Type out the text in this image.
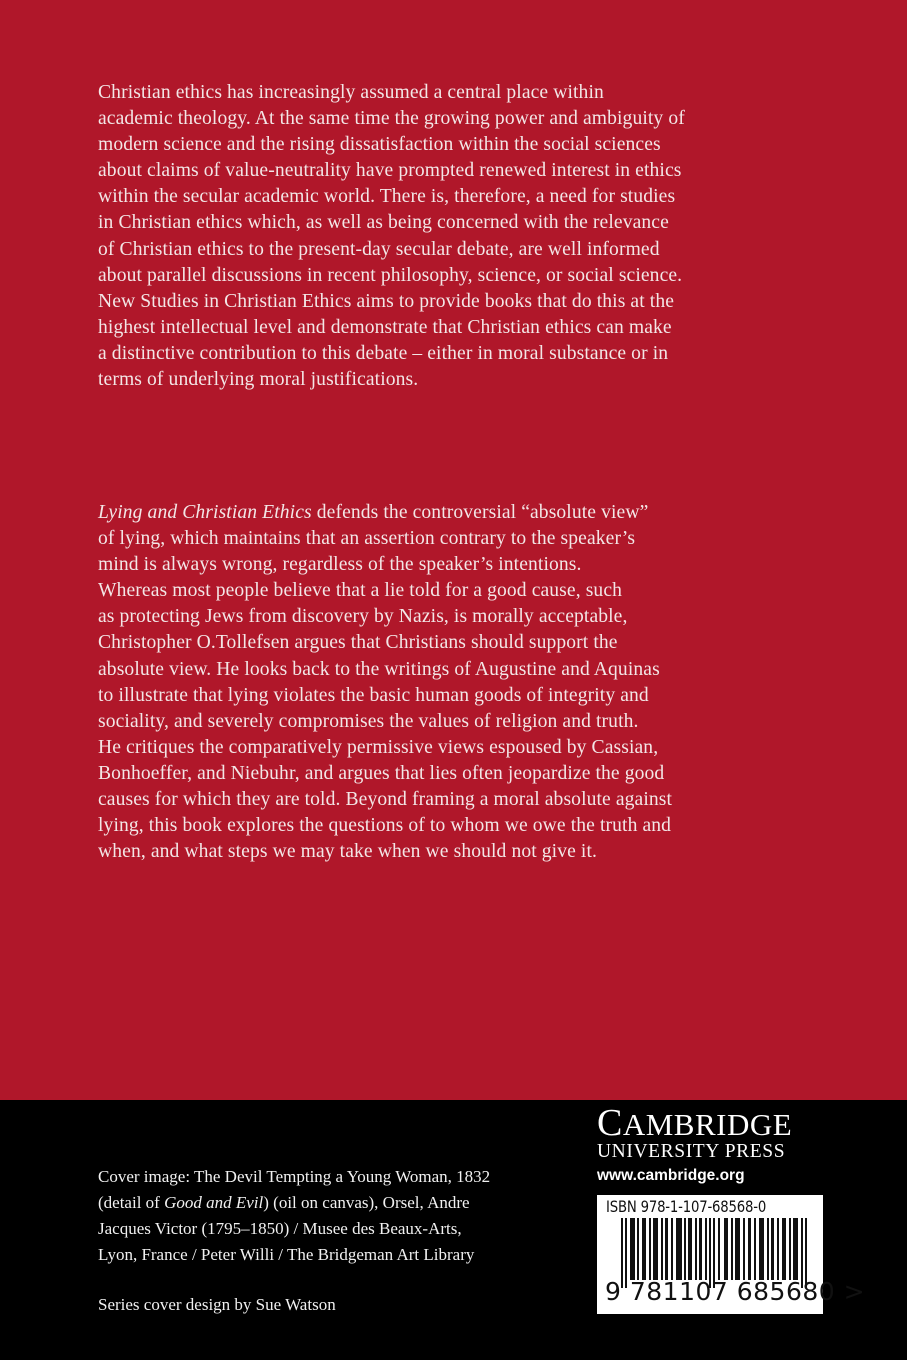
Christian ethics has increasingly assumed a central place within
academic theology. At the same time the growing power and ambiguity of
modern science and the rising dissatisfaction within the social sciences
about claims of value-neutrality have prompted renewed interest in ethics
within the secular academic world. There is, therefore, a need for studies
in Christian ethics which, as well as being concerned with the relevance
of Christian ethics to the present-day secular debate, are well informed
about parallel discussions in recent philosophy, science, or social science.
New Studies in Christian Ethics aims to provide books that do this at the
highest intellectual level and demonstrate that Christian ethics can make
a distinctive contribution to this debate – either in moral substance or in
terms of underlying moral justifications.
Lying and Christian Ethics defends the controversial “absolute view”
of lying, which maintains that an assertion contrary to the speaker’s
mind is always wrong, regardless of the speaker’s intentions.
Whereas most people believe that a lie told for a good cause, such
as protecting Jews from discovery by Nazis, is morally acceptable,
Christopher O.Tollefsen argues that Christians should support the
absolute view. He looks back to the writings of Augustine and Aquinas
to illustrate that lying violates the basic human goods of integrity and
sociality, and severely compromises the values of religion and truth.
He critiques the comparatively permissive views espoused by Cassian,
Bonhoeffer, and Niebuhr, and argues that lies often jeopardize the good
causes for which they are told. Beyond framing a moral absolute against
lying, this book explores the questions of to whom we owe the truth and
when, and what steps we may take when we should not give it.
Cover image: The Devil Tempting a Young Woman, 1832
(detail of Good and Evil) (oil on canvas), Orsel, Andre
Jacques Victor (1795–1850) / Musee des Beaux-Arts,
Lyon, France / Peter Willi / The Bridgeman Art Library
Series cover design by Sue Watson
CAMBRIDGE
UNIVERSITY PRESS
www.cambridge.org
ISBN 978-1-107-68568-0
9 781107 685680 >
